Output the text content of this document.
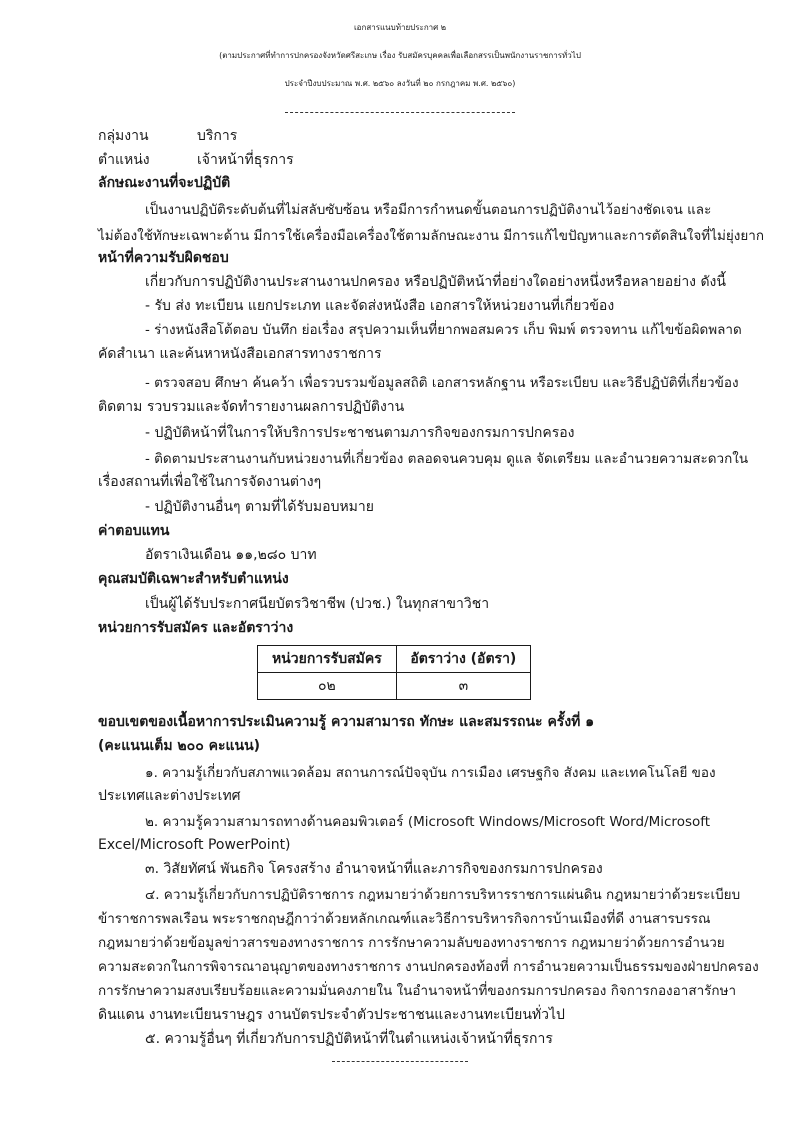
เอกสารแนบท้ายประกาศ ๒
(ตามประกาศที่ทำการปกครองจังหวัดศรีสะเกษ เรื่อง รับสมัครบุคคลเพื่อเลือกสรรเป็นพนักงานราชการทั่วไป
ประจำปีงบประมาณ พ.ศ. ๒๕๖๐ ลงวันที่ ๒๐ กรกฎาคม พ.ศ. ๒๕๖๐)
กลุ่มงาน	บริการ
ตำแหน่ง	เจ้าหน้าที่ธุรการ
ลักษณะงานที่จะปฏิบัติ
เป็นงานปฏิบัติระดับต้นที่ไม่สลับซับซ้อน หรือมีการกำหนดขั้นตอนการปฏิบัติงานไว้อย่างชัดเจน และ
ไม่ต้องใช้ทักษะเฉพาะด้าน มีการใช้เครื่องมือเครื่องใช้ตามลักษณะงาน มีการแก้ไขปัญหาและการตัดสินใจที่ไม่ยุ่งยาก
หน้าที่ความรับผิดชอบ
เกี่ยวกับการปฏิบัติงานประสานงานปกครอง หรือปฏิบัติหน้าที่อย่างใดอย่างหนึ่งหรือหลายอย่าง ดังนี้
- รับ ส่ง ทะเบียน แยกประเภท และจัดส่งหนังสือ เอกสารให้หน่วยงานที่เกี่ยวข้อง
- ร่างหนังสือโต้ตอบ บันทึก ย่อเรื่อง สรุปความเห็นที่ยากพอสมควร เก็บ พิมพ์ ตรวจทาน แก้ไขข้อผิดพลาด
คัดสำเนา และค้นหาหนังสือเอกสารทางราชการ
- ตรวจสอบ ศึกษา ค้นคว้า เพื่อรวบรวมข้อมูลสถิติ เอกสารหลักฐาน หรือระเบียบ และวิธีปฏิบัติที่เกี่ยวข้อง
ติดตาม รวบรวมและจัดทำรายงานผลการปฏิบัติงาน
- ปฏิบัติหน้าที่ในการให้บริการประชาชนตามภารกิจของกรมการปกครอง
- ติดตามประสานงานกับหน่วยงานที่เกี่ยวข้อง ตลอดจนควบคุม ดูแล จัดเตรียม และอำนวยความสะดวกใน
เรื่องสถานที่เพื่อใช้ในการจัดงานต่างๆ
- ปฏิบัติงานอื่นๆ ตามที่ได้รับมอบหมาย
ค่าตอบแทน
อัตราเงินเดือน ๑๑,๒๘๐ บาท
คุณสมบัติเฉพาะสำหรับตำแหน่ง
เป็นผู้ได้รับประกาศนียบัตรวิชาชีพ (ปวช.) ในทุกสาขาวิชา
หน่วยการรับสมัคร และอัตราว่าง
หน่วยการรับสมัคร	อัตราว่าง (อัตรา)
๐๒	๓
ขอบเขตของเนื้อหาการประเมินความรู้ ความสามารถ ทักษะ และสมรรถนะ ครั้งที่ ๑
(คะแนนเต็ม ๒๐๐ คะแนน)
๑. ความรู้เกี่ยวกับสภาพแวดล้อม สถานการณ์ปัจจุบัน การเมือง เศรษฐกิจ สังคม และเทคโนโลยี ของ
ประเทศและต่างประเทศ
๒. ความรู้ความสามารถทางด้านคอมพิวเตอร์ (Microsoft Windows/Microsoft Word/Microsoft
Excel/Microsoft PowerPoint)
๓. วิสัยทัศน์ พันธกิจ โครงสร้าง อำนาจหน้าที่และภารกิจของกรมการปกครอง
๔. ความรู้เกี่ยวกับการปฏิบัติราชการ กฎหมายว่าด้วยการบริหารราชการแผ่นดิน กฎหมายว่าด้วยระเบียบ
ข้าราชการพลเรือน พระราชกฤษฎีกาว่าด้วยหลักเกณฑ์และวิธีการบริหารกิจการบ้านเมืองที่ดี งานสารบรรณ
กฎหมายว่าด้วยข้อมูลข่าวสารของทางราชการ การรักษาความลับของทางราชการ กฎหมายว่าด้วยการอำนวย
ความสะดวกในการพิจารณาอนุญาตของทางราชการ งานปกครองท้องที่ การอำนวยความเป็นธรรมของฝ่ายปกครอง
การรักษาความสงบเรียบร้อยและความมั่นคงภายใน ในอำนาจหน้าที่ของกรมการปกครอง กิจการกองอาสารักษา
ดินแดน งานทะเบียนราษฎร งานบัตรประจำตัวประชาชนและงานทะเบียนทั่วไป
๕. ความรู้อื่นๆ ที่เกี่ยวกับการปฏิบัติหน้าที่ในตำแหน่งเจ้าหน้าที่ธุรการ
